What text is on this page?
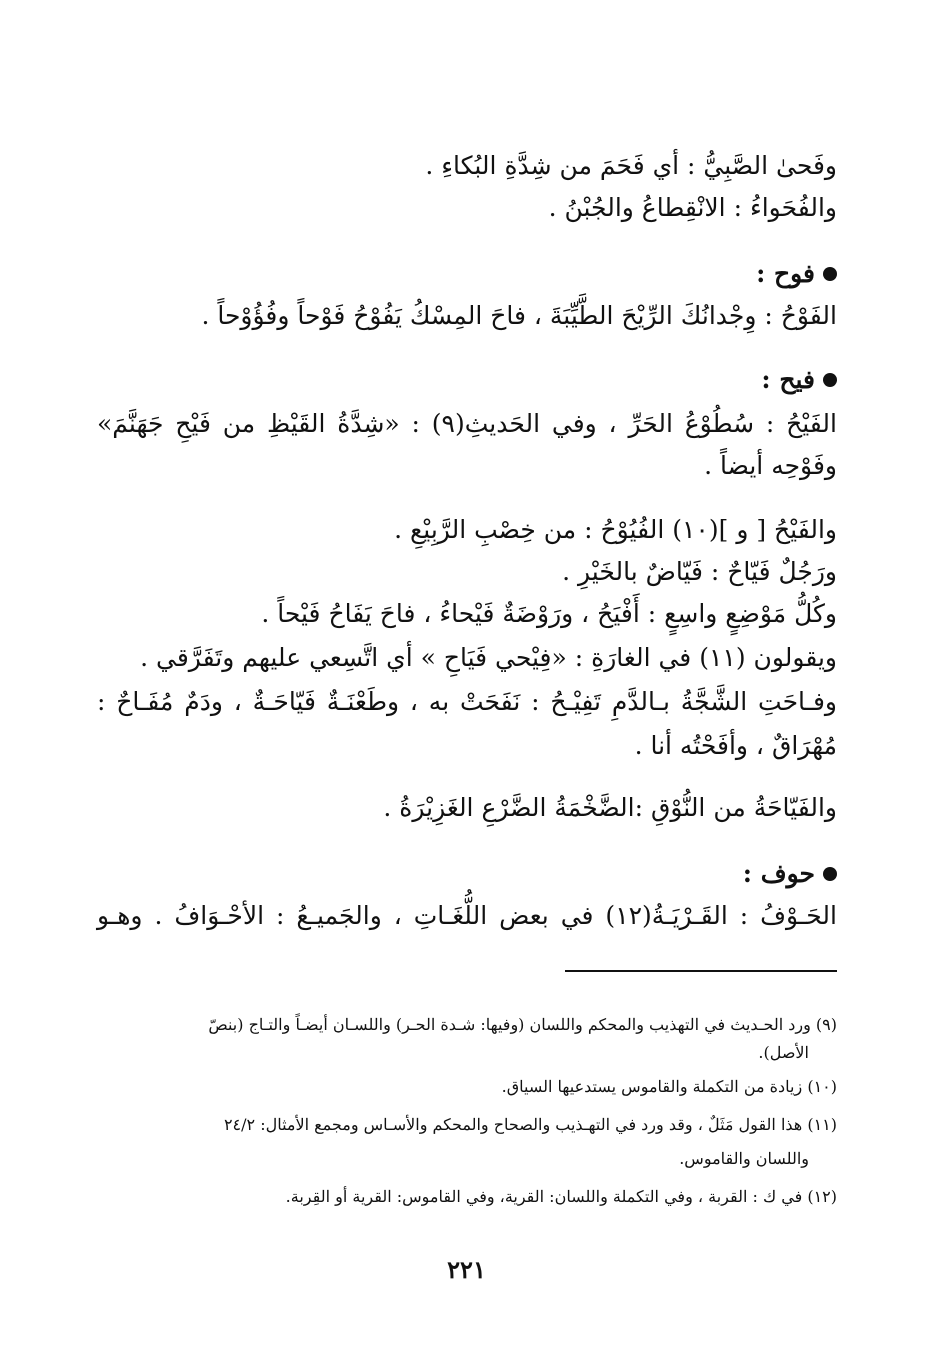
وفَحىٰ الصَّبِيُّ : أي فَحَمَ من شِدَّةِ البُكاءِ .
والفُحَواءُ : الانْقِطاعُ والجُبْنُ .
فوح :
الفَوْحُ : وِجْدانُكَ الرِّيْحَ الطَّيِّبَةَ ، فاحَ المِسْكُ يَفُوْحُ فَوْحاً وفُؤُوْحاً .
فيح :
الفَيْحُ : سُطُوْعُ الحَرِّ ، وفي الحَديثِ(٩) : «شِدَّةُ القَيْظِ من فَيْحِ جَهَنَّمَ»
وفَوْحِه أيضاً .
والفَيْحُ [ و ](١٠) الفُيُوْحُ : من خِصْبِ الرَّبِيْعِ .
ورَجُلٌ فَيّاحٌ : فَيّاضٌ بالخَيْرِ .
وكُلُّ مَوْضِعٍ واسِعٍ : أَفْيَحُ ، ورَوْضَةٌ فَيْحاءُ ، فاحَ يَفَاحُ فَيْحاً .
ويقولون (١١) في الغارَةِ : «فِيْحي فَيَاحِ » أي اتَّسِعي عليهم وتَفَرَّقي .
وفـاحَتِ الشَّجَّةُ بـالدَّمِ تَفِيْـحُ : نَفَحَتْ به ، وطَعْنَـةٌ فَيّاحَـةٌ ، ودَمٌ مُفَـاحٌ :
مُهْرَاقٌ ، وأفَحْتُه أنا .
والفَيّاحَةُ من النُّوْقِ :الضَّخْمَةُ الضَّرْعِ الغَزِيْرَةُ .
حوف :
الحَـوْفُ : القَـرْيَـةُ(١٢) في بعض اللُّغَـاتِ ، والجَميـعُ : الأحْـوَافُ . وهـو
(٩) ورد الحـديث في التهذيب والمحكم واللسان (وفيها: شـدة الحـر) واللسـان أيضـاً والتـاج (بنصّ
الأصل).
(١٠) زيادة من التكملة والقاموس يستدعيها السياق.
(١١) هذا القول مَثَلٌ ، وقد ورد في التهـذيب والصحاح والمحكم والأسـاس ومجمع الأمثال: ٢٤/٢
واللسان والقاموس.
(١٢) في ك : القربة ، وفي التكملة واللسان: القرية، وفي القاموس: القرية أو القِربة.
٢٢١
